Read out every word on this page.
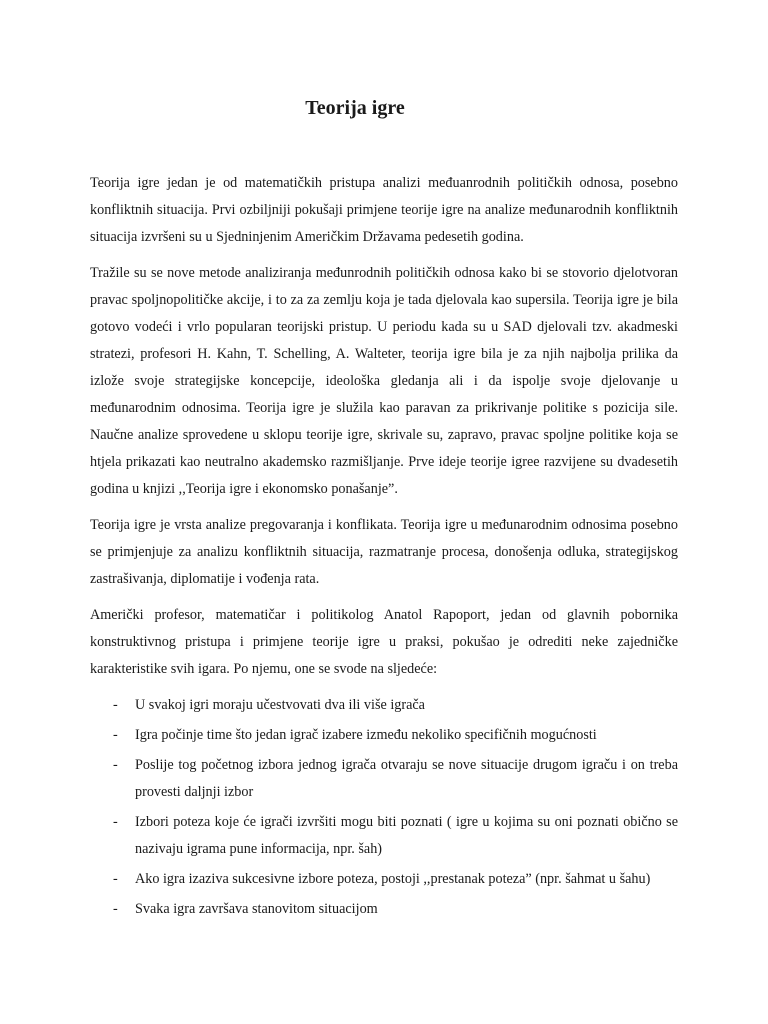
Teorija igre

Teorija igre jedan je od matematičkih pristupa analizi međuanrodnih političkih odnosa, posebno konfliktnih situacija. Prvi ozbiljniji pokušaji primjene teorije igre na analize međunarodnih konfliktnih situacija izvršeni su u Sjedninjenim Američkim Državama pedesetih godina.

Tražile su se nove metode analiziranja međunrodnih političkih odnosa kako bi se stovorio djelotvoran pravac spoljnopolitičke akcije, i to za za zemlju koja je tada djelovala kao supersila. Teorija igre je bila gotovo vodeći i vrlo popularan teorijski pristup. U periodu kada su u SAD djelovali tzv. akadmeski stratezi, profesori H. Kahn, T. Schelling, A. Walteter, teorija igre bila je za njih najbolja prilika da izlože svoje strategijske koncepcije, ideološka gledanja ali i da ispolje svoje djelovanje u međunarodnim odnosima. Teorija igre je služila kao paravan za prikrivanje politike s pozicija sile. Naučne analize sprovedene u sklopu teorije igre, skrivale su, zapravo, pravac spoljne politike koja se htjela prikazati kao neutralno akademsko razmišljanje. Prve ideje teorije igree razvijene su dvadesetih godina u knjizi ,,Teorija igre i ekonomsko ponašanje”.

Teorija igre je vrsta analize pregovaranja i konflikata. Teorija igre u međunarodnim odnosima posebno se primjenjuje za analizu konfliktnih situacija, razmatranje procesa, donošenja odluka, strategijskog zastrašivanja, diplomatije i vođenja rata.

Američki profesor, matematičar i politikolog Anatol Rapoport, jedan od glavnih pobornika konstruktivnog pristupa i primjene teorije igre u praksi, pokušao je odrediti neke zajedničke karakteristike svih igara. Po njemu, one se svode na sljedeće:

- U svakoj igri moraju učestvovati dva ili više igrača
- Igra počinje time što jedan igrač izabere između nekoliko specifičnih mogućnosti
- Poslije tog početnog izbora jednog igrača otvaraju se nove situacije drugom igraču i on treba provesti daljnji izbor
- Izbori poteza koje će igrači izvršiti mogu biti poznati ( igre u kojima su oni poznati obično se nazivaju igrama pune informacija, npr. šah)
- Ako igra izaziva sukcesivne izbore poteza, postoji ,,prestanak poteza” (npr. šahmat u šahu)
- Svaka igra završava stanovitom situacijom
